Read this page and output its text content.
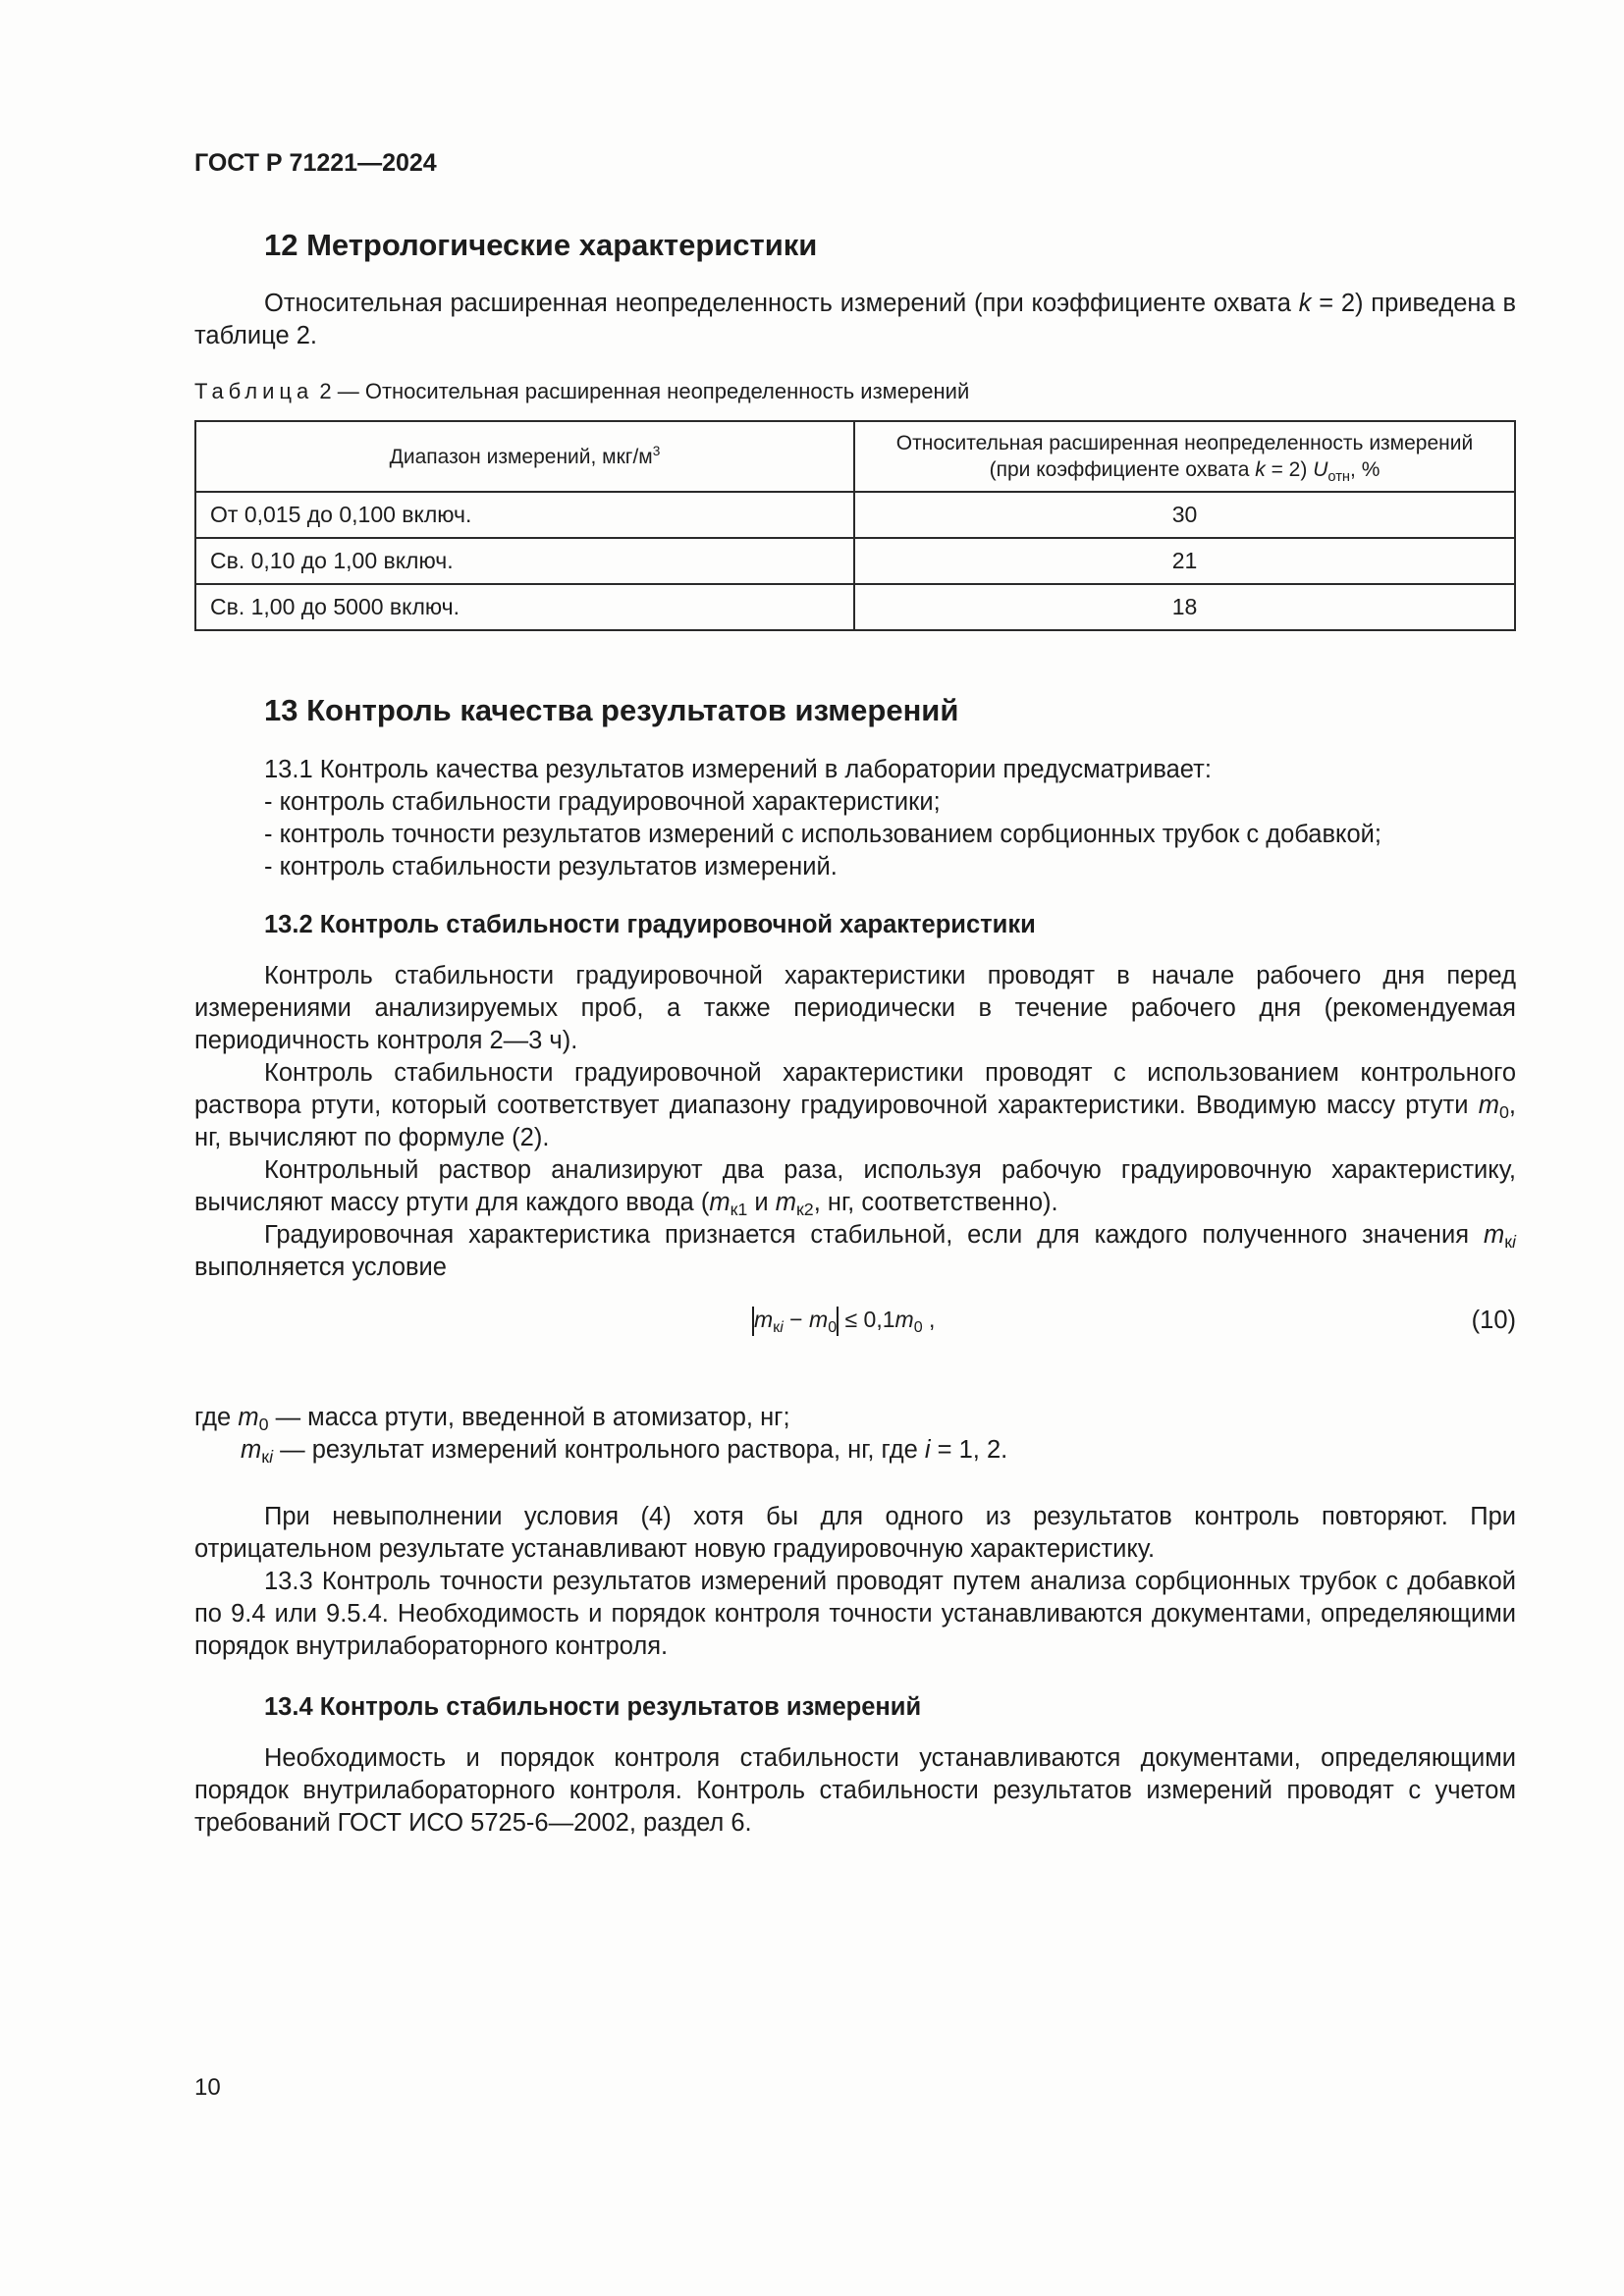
ГОСТ Р 71221—2024

12 Метрологические характеристики

Относительная расширенная неопределенность измерений (при коэффициенте охвата k = 2) приведена в таблице 2.

Таблица 2 — Относительная расширенная неопределенность измерений

Диапазон измерений, мкг/$м^3$	Относительная расширенная неопределенность измерений
(при коэффициенте охвата k = 2) $U_{отн}$, %
От 0,015 до 0,100 включ.	30
Св. 0,10 до 1,00 включ.	21
Св. 1,00 до 5000 включ.	18
13 Контроль качества результатов измерений

13.1 Контроль качества результатов измерений в лаборатории предусматривает:

- контроль стабильности градуировочной характеристики;
- контроль точности результатов измерений с использованием сорбционных трубок с добавкой;
- контроль стабильности результатов измерений.
13.2 Контроль стабильности градуировочной характеристики

Контроль стабильности градуировочной характеристики проводят в начале рабочего дня перед измерениями анализируемых проб, а также периодически в течение рабочего дня (рекомендуемая периодичность контроля 2—3 ч).

Контроль стабильности градуировочной характеристики проводят с использованием контрольного раствора ртути, который соответствует диапазону градуировочной характеристики. Вводимую массу ртути $m_0$, нг, вычисляют по формуле (2).

Контрольный раствор анализируют два раза, используя рабочую градуировочную характеристику, вычисляют массу ртути для каждого ввода ($m_{к1}$ и $m_{к2}$, нг, соответственно).

Градуировочная характеристика признается стабильной, если для каждого полученного значения $m_{кi}$ выполняется условие

$m_{кi} - m_0 \le 0,1m_0$ ,	(10)

где $m_0$ — масса ртути, введенной в атомизатор, нг;

$m_{кi}$ — результат измерений контрольного раствора, нг, где i = 1, 2.

При невыполнении условия (4) хотя бы для одного из результатов контроль повторяют. При отрицательном результате устанавливают новую градуировочную характеристику.

13.3 Контроль точности результатов измерений проводят путем анализа сорбционных трубок с добавкой по 9.4 или 9.5.4. Необходимость и порядок контроля точности устанавливаются документами, определяющими порядок внутрилабораторного контроля.

13.4 Контроль стабильности результатов измерений

Необходимость и порядок контроля стабильности устанавливаются документами, определяющими порядок внутрилабораторного контроля. Контроль стабильности результатов измерений проводят с учетом требований ГОСТ ИСО 5725-6—2002, раздел 6.

10
